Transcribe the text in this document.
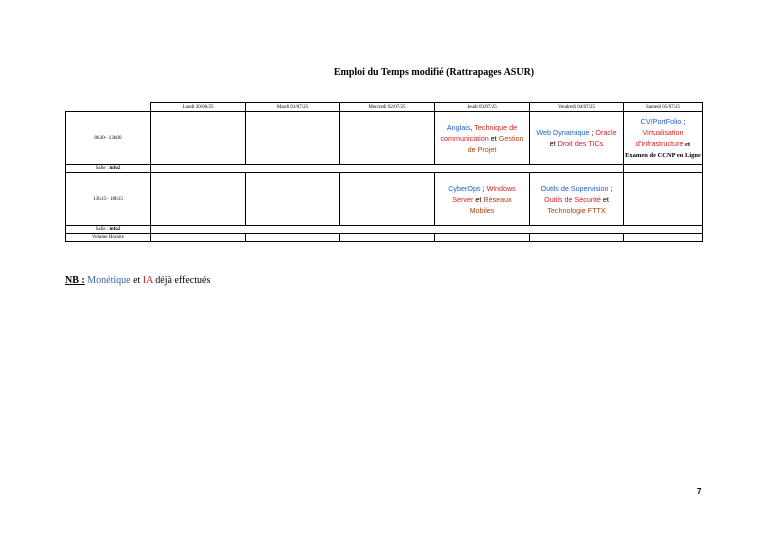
Emploi du Temps modifié (Rattrapages ASUR)
	Lundi 30/06/25	Mardi 01/07/25	Mercredi 02/07/25	Jeudi 03/07/25	Vendredi 04/07/25	Samedi 05/07/25
8h30– 13h00				Anglais, Technique de communication et Gestion de Projet	Web Dynamique ; Oracle et Droit des TICs	CV/PortFolio ; Virtualisation d’infrastructure et Examen de CCNP en Ligne
Salle : info2						
13h15– 18h15				CyberOps ; Windows Server et Réseaux Mobiles	Outils de Supervision ; Outils de Sécurité et Technologie FTTX	
Salle : info2						
Volume Horaire						
NB : Monétique et IA déjà effectués
7
